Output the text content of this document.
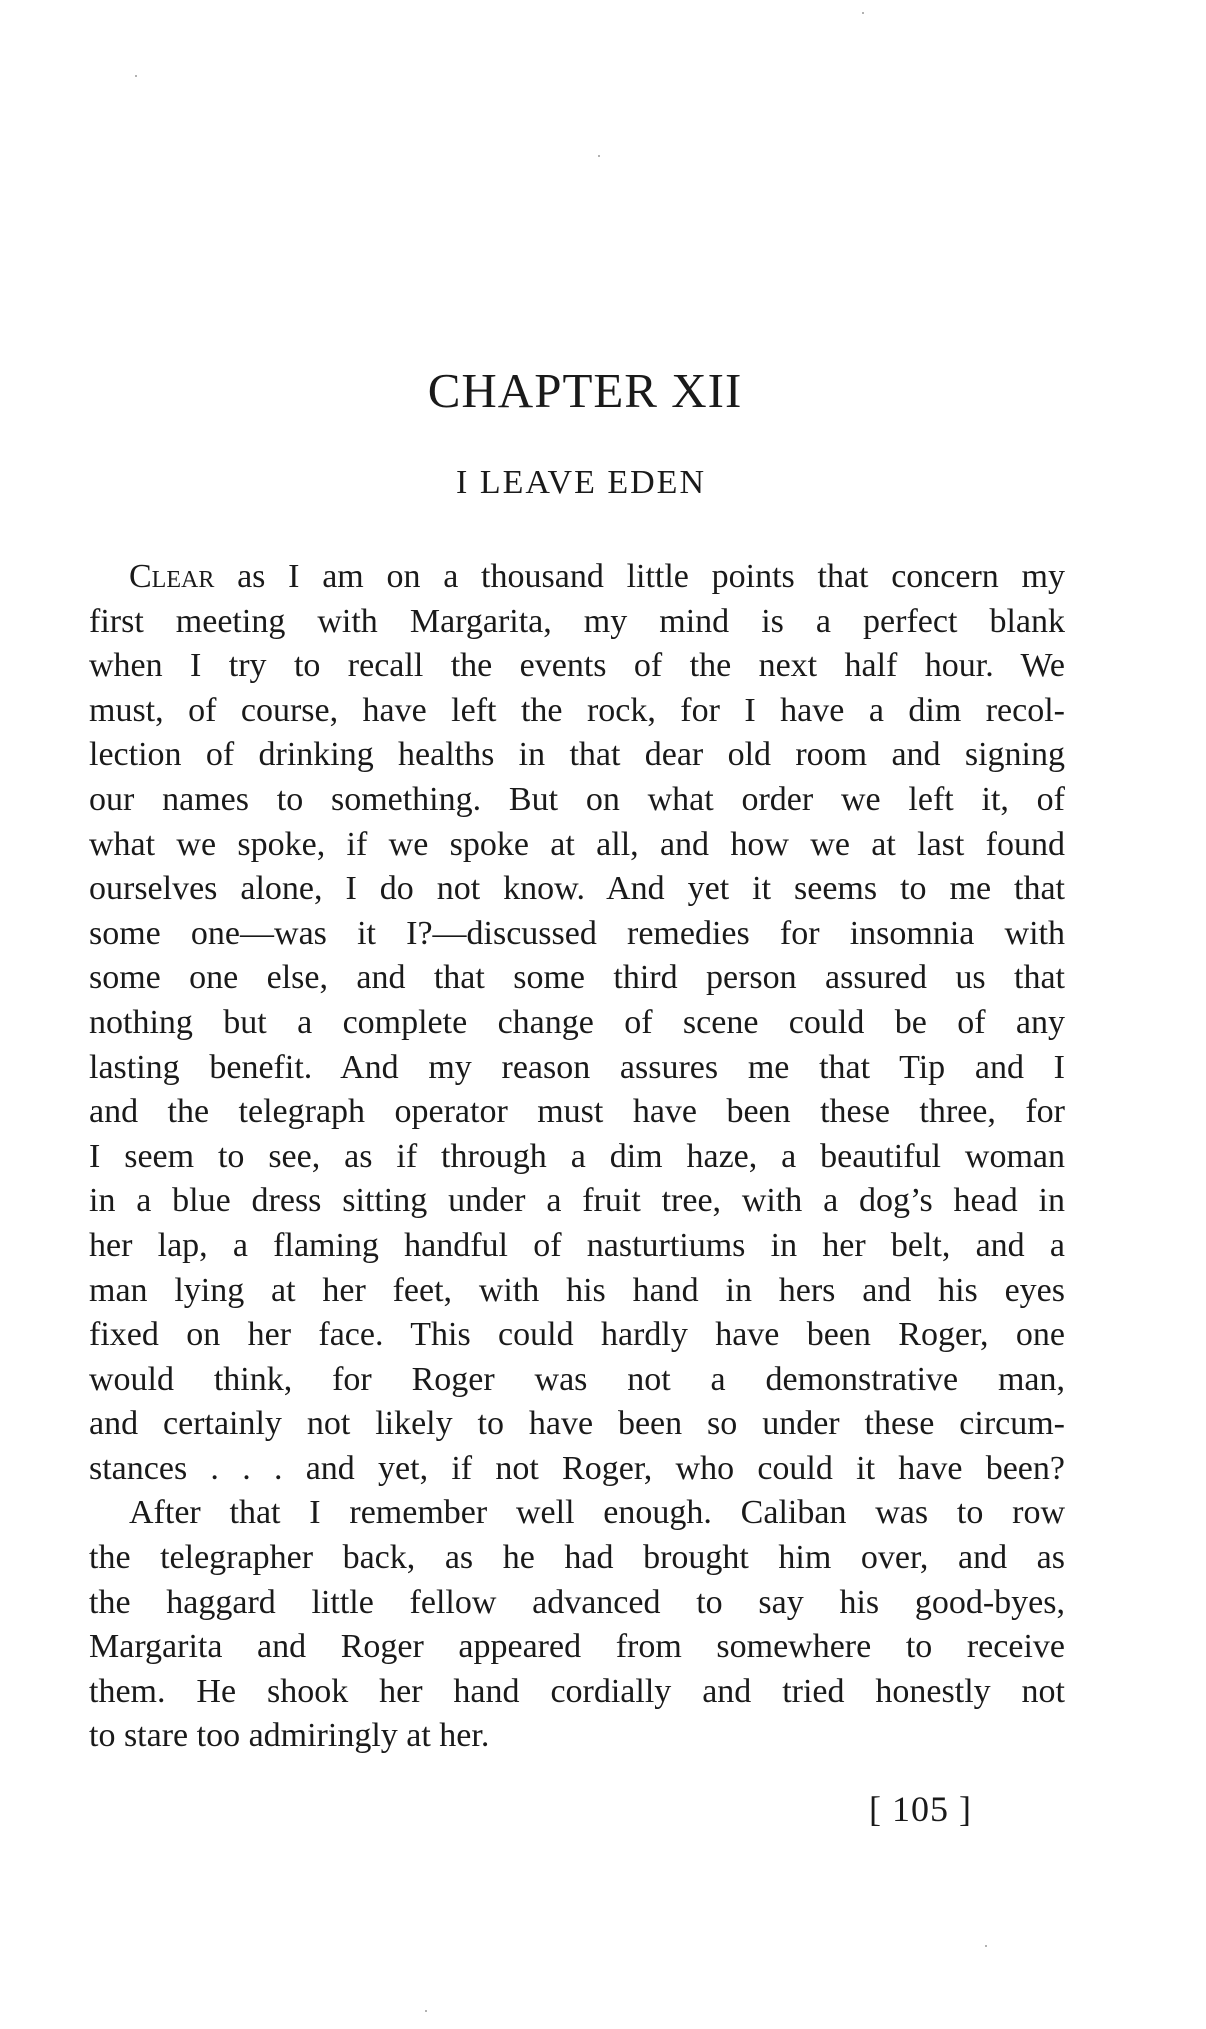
CHAPTER XII
I LEAVE EDEN
Clear as I am on a thousand little points that concern my
first meeting with Margarita, my mind is a perfect blank
when I try to recall the events of the next half hour. We
must, of course, have left the rock, for I have a dim recol-
lection of drinking healths in that dear old room and signing
our names to something. But on what order we left it, of
what we spoke, if we spoke at all, and how we at last found
ourselves alone, I do not know. And yet it seems to me that
some one—was it I?—discussed remedies for insomnia with
some one else, and that some third person assured us that
nothing but a complete change of scene could be of any
lasting benefit. And my reason assures me that Tip and I
and the telegraph operator must have been these three, for
I seem to see, as if through a dim haze, a beautiful woman
in a blue dress sitting under a fruit tree, with a dog’s head in
her lap, a flaming handful of nasturtiums in her belt, and a
man lying at her feet, with his hand in hers and his eyes
fixed on her face. This could hardly have been Roger, one
would think, for Roger was not a demonstrative man,
and certainly not likely to have been so under these circum-
stances . . . and yet, if not Roger, who could it have been?
After that I remember well enough. Caliban was to row
the telegrapher back, as he had brought him over, and as
the haggard little fellow advanced to say his good-byes,
Margarita and Roger appeared from somewhere to receive
them. He shook her hand cordially and tried honestly not
to stare too admiringly at her.
[ 105 ]
